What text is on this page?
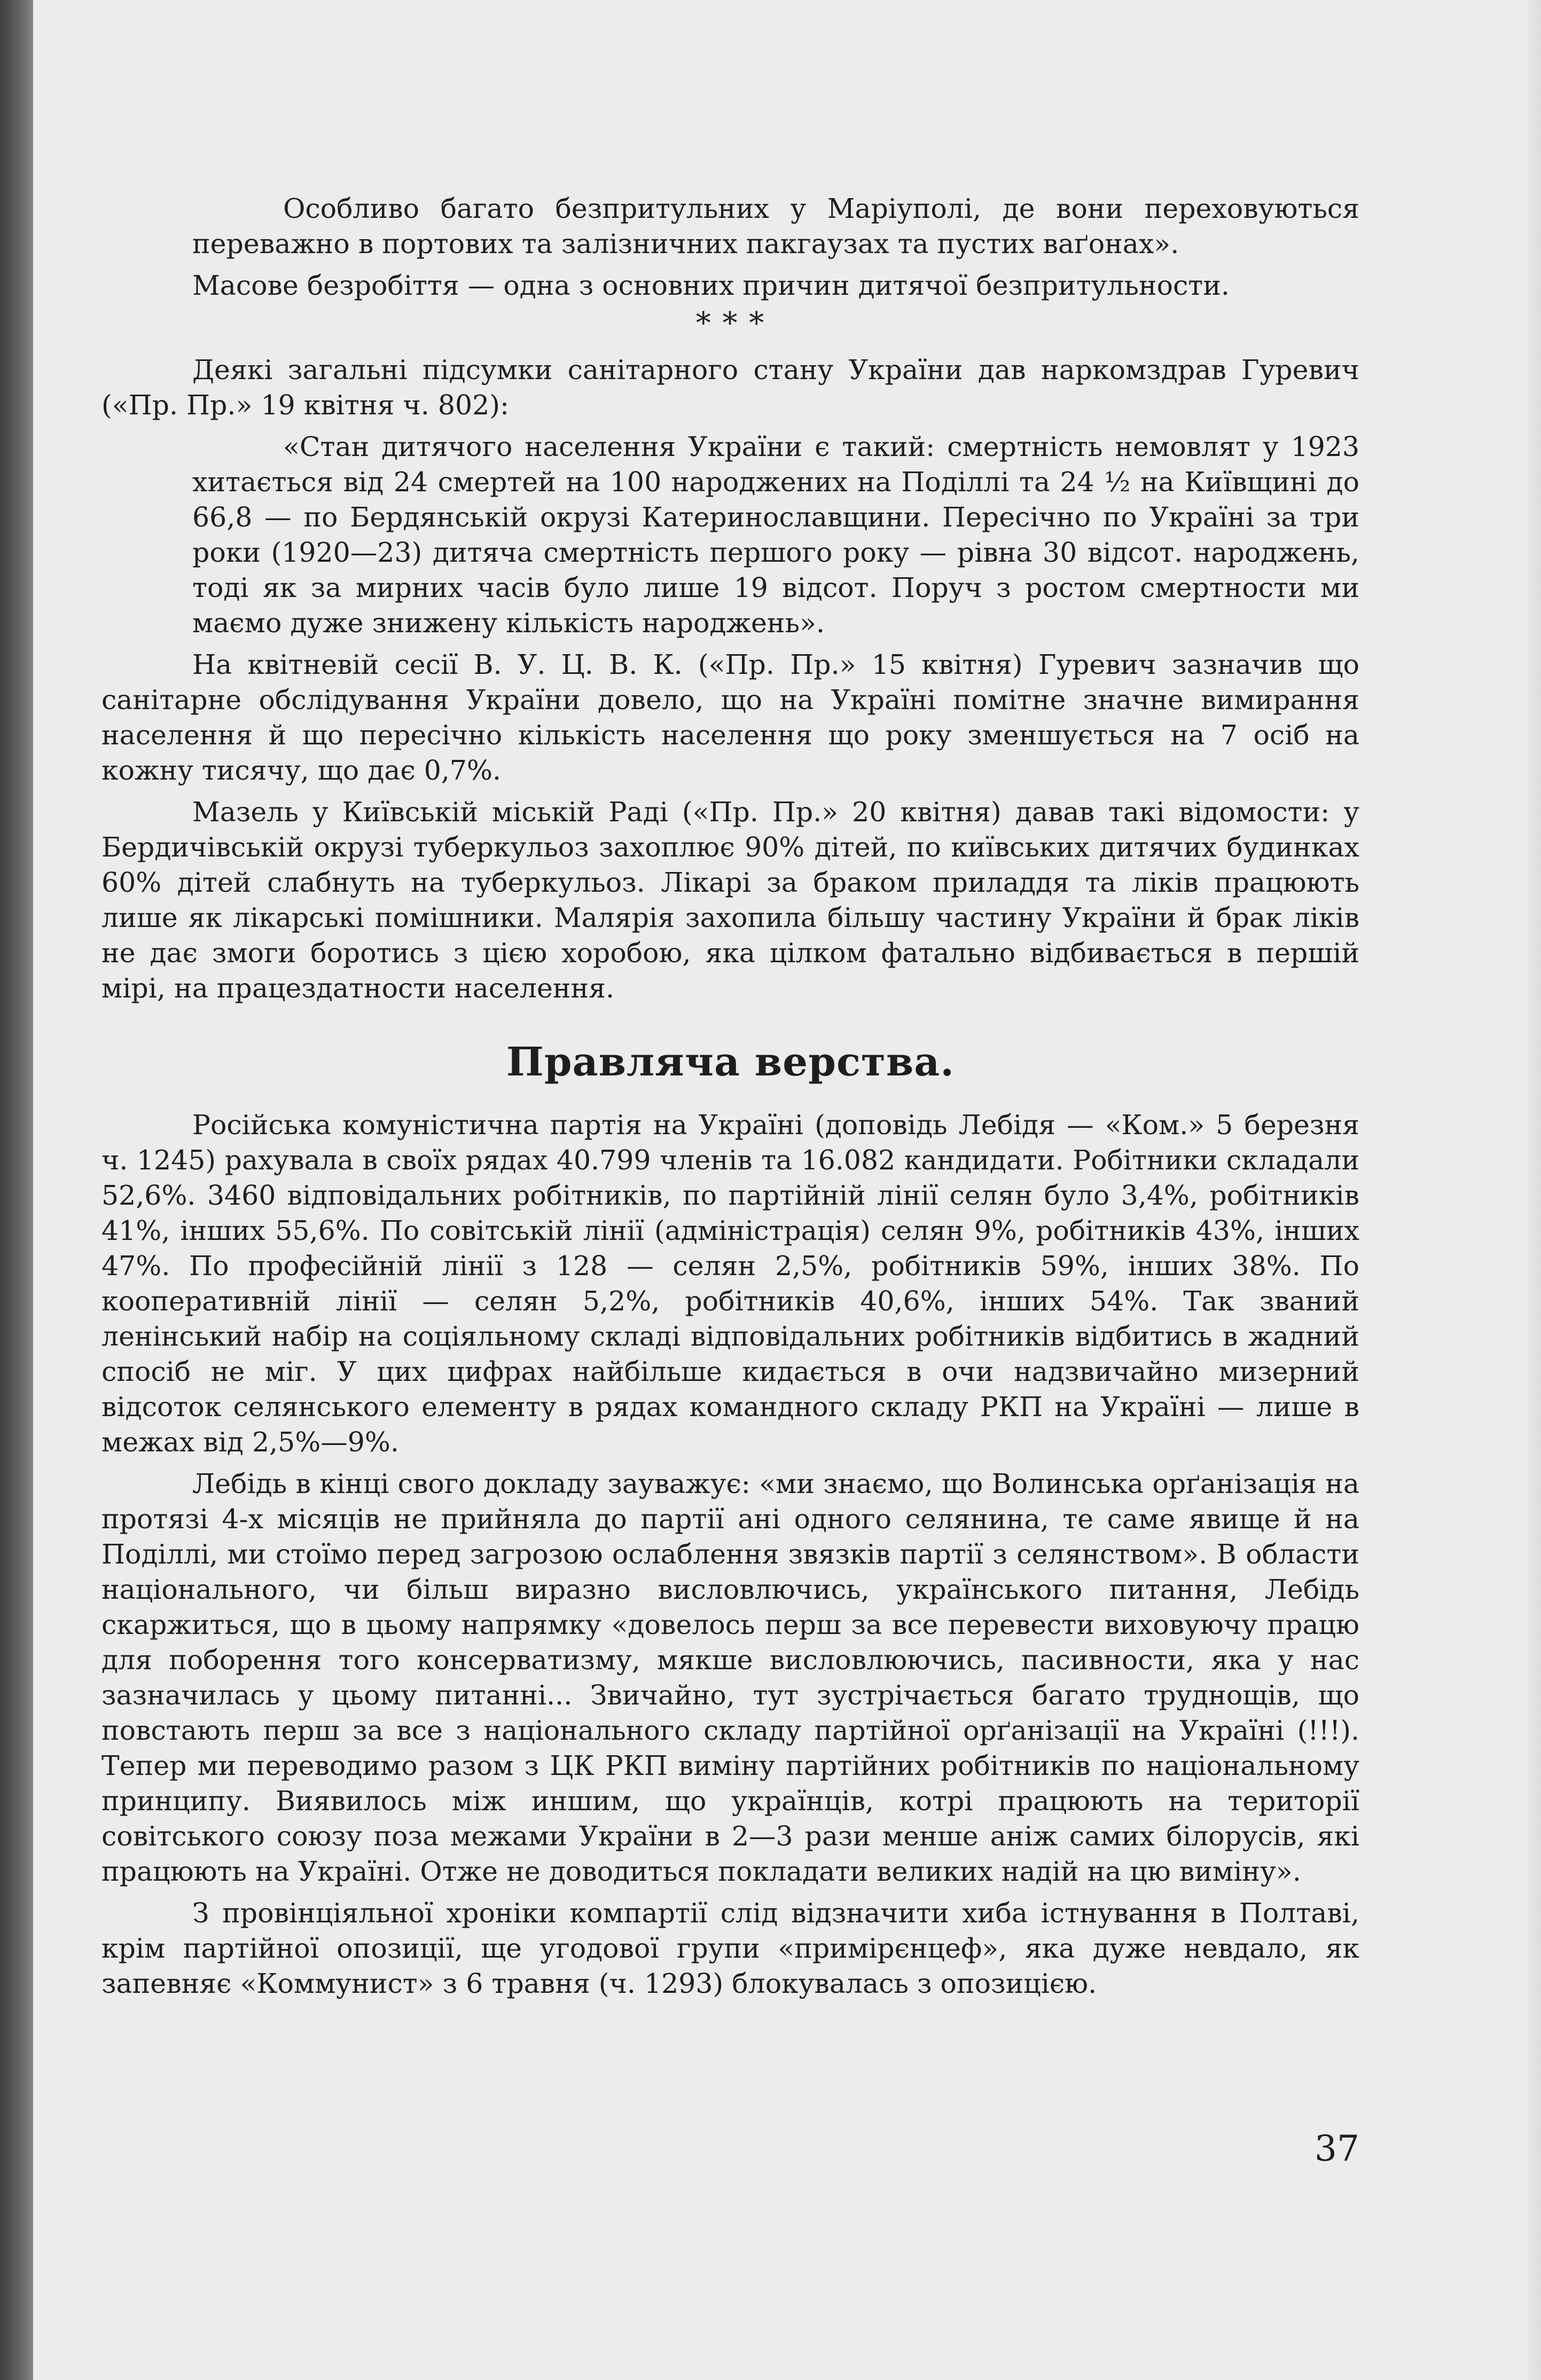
Особливо багато безпритульних у Маріуполі, де вони переховуються переважно в портових та залізничних пакгаузах та пустих ваґонах».

Масове безробіття — одна з основних причин дитячої безпритульности.

* * *

Деякі загальні підсумки санітарного стану України дав наркомздрав Гуревич («Пр. Пр.» 19 квітня ч. 802):

«Стан дитячого населення України є такий: смертність немовлят у 1923 хитається від 24 смертей на 100 народжених на Поділлі та 24 ½ на Київщині до 66,8 — по Бердянській окрузі Катеринославщини. Пересічно по Україні за три роки (1920—23) дитяча смертність першого року — рівна 30 відсот. народжень, тоді як за мирних часів було лише 19 відсот. Поруч з ростом смертности ми маємо дуже знижену кількість народжень».

На квітневій сесії В. У. Ц. В. К. («Пр. Пр.» 15 квітня) Гуревич зазначив що санітарне обслідування України довело, що на Україні помітне значне вимирання населення й що пересічно кількість населення що року зменшується на 7 осіб на кожну тисячу, що дає 0,7%.

Мазель у Київській міській Раді («Пр. Пр.» 20 квітня) давав такі відомости: у Бердичівській окрузі туберкульоз захоплює 90% дітей, по київських дитячих будинках 60% дітей слабнуть на туберкульоз. Лікарі за браком приладдя та ліків працюють лише як лікарські помішники. Малярія захопила більшу частину України й брак ліків не дає змоги боротись з цією хоробою, яка цілком фатально відбивається в першій мірі, на працездатности населення.

Правляча верства.

Російська комуністична партія на Україні (доповідь Лебідя — «Ком.» 5 березня ч. 1245) рахувала в своїх рядах 40.799 членів та 16.082 кандидати. Робітники складали 52,6%. 3460 відповідальних робітників, по партійній лінії селян було 3,4%, робітників 41%, інших 55,6%. По совітській лінії (адміністрація) селян 9%, робітників 43%, інших 47%. По професійній лінії з 128 — селян 2,5%, робітників 59%, інших 38%. По кооперативній лінії — селян 5,2%, робітників 40,6%, інших 54%. Так званий ленінський набір на соціяльному складі відповідальних робітників відбитись в жадний спосіб не міг. У цих цифрах найбільше кидається в очи надзвичайно мизерний відсоток селянського елементу в рядах командного складу РКП на Україні — лише в межах від 2,5%—9%.

Лебідь в кінці свого докладу зауважує: «ми знаємо, що Волинська орґанізація на протязі 4-х місяців не прийняла до партії ані одного селянина, те саме явище й на Поділлі, ми стоїмо перед загрозою ослаблення звязків партії з селянством». В области національного, чи більш виразно висловлючись, українського питання, Лебідь скаржиться, що в цьому напрямку «довелось перш за все перевести виховуючу працю для поборення того консерватизму, мякше висловлюючись, пасивности, яка у нас зазначилась у цьому питанні... Звичайно, тут зустрічається багато труднощів, що повстають перш за все з національного складу партійної орґанізації на Україні (!!!). Тепер ми переводимо разом з ЦК РКП виміну партійних робітників по національному принципу. Виявилось між иншим, що українців, котрі працюють на території совітського союзу поза межами України в 2—3 рази менше аніж самих білорусів, які працюють на Україні. Отже не доводиться покладати великих надій на цю виміну».

З провінціяльної хроніки компартії слід відзначити хиба істнування в Полтаві, крім партійної опозиції, ще угодової групи «примірєнцеф», яка дуже невдало, як запевняє «Коммунист» з 6 травня (ч. 1293) блокувалась з опозицією.

37
